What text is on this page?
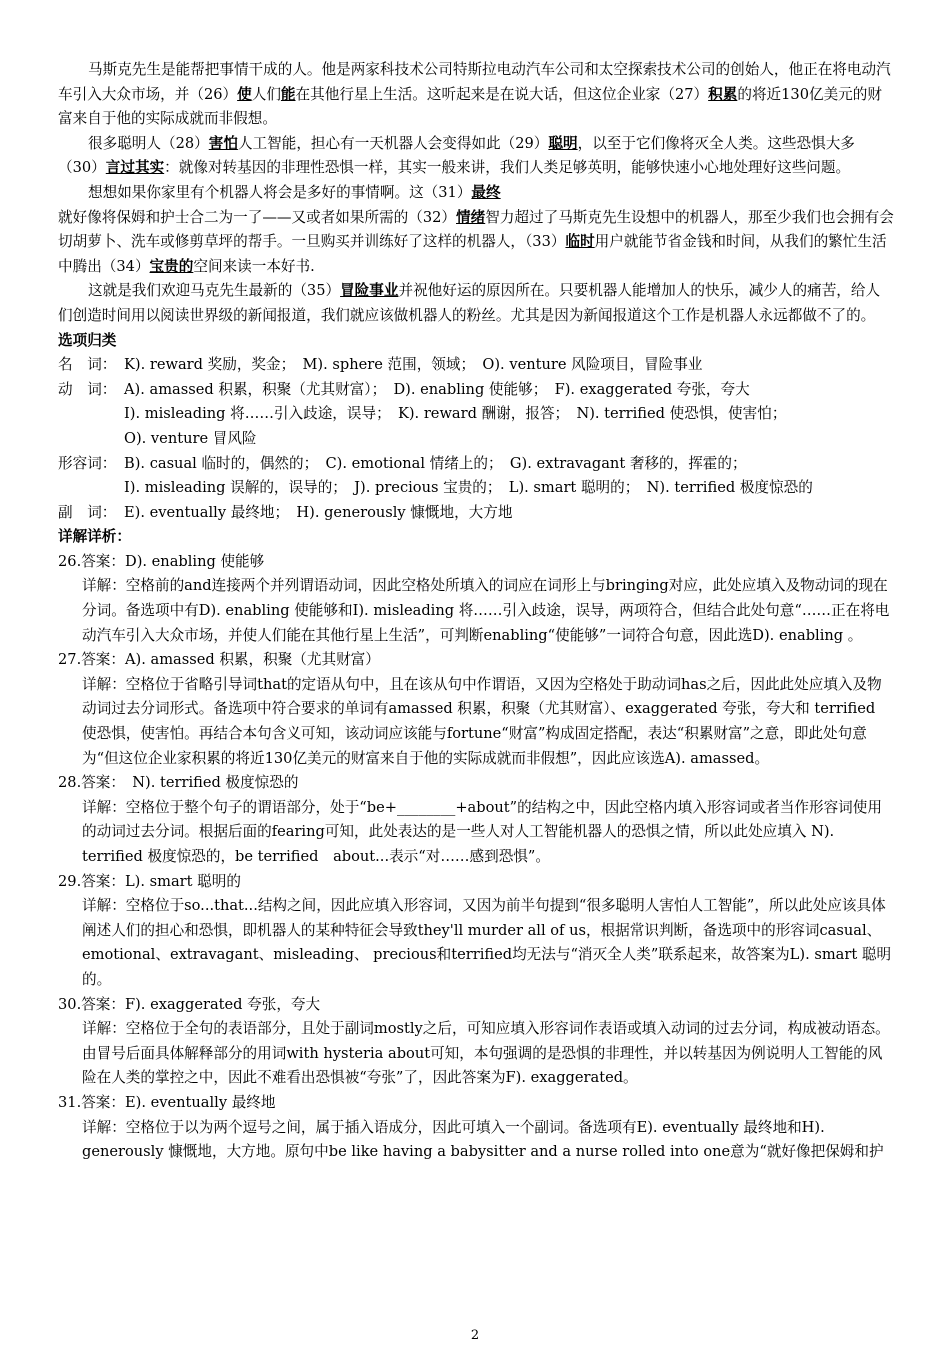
马斯克先生是能帮把事情干成的人。他是两家科技术公司特斯拉电动汽车公司和太空探索技术公司的创始人，他正在将电动汽车引入大众市场，并（26）使人们能在其他行星上生活。这听起来是在说大话，但这位企业家（27）积累的将近130亿美元的财富来自于他的实际成就而非假想。

很多聪明人（28）害怕人工智能，担心有一天机器人会变得如此（29）聪明，以至于它们像将灭全人类。这些恐惧大多（30）言过其实：就像对转基因的非理性恐惧一样，其实一般来讲，我们人类足够英明，能够快速小心地处理好这些问题。

想想如果你家里有个机器人将会是多好的事情啊。这（31）最终就好像将保姆和护士合二为一了——又或者如果所需的（32）情绪智力超过了马斯克先生设想中的机器人，那至少我们也会拥有会切胡萝卜、洗车或修剪草坪的帮手。一旦购买并训练好了这样的机器人，（33）临时用户就能节省金钱和时间，从我们的繁忙生活中腾出（34）宝贵的空间来读一本好书.

这就是我们欢迎马克先生最新的（35）冒险事业并祝他好运的原因所在。只要机器人能增加人的快乐，减少人的痛苦，给人们创造时间用以阅读世界级的新闻报道，我们就应该做机器人的粉丝。尤其是因为新闻报道这个工作是机器人永远都做不了的。

选项归类

名　词： K). reward 奖励，奖金；　M). sphere 范围，领域；　O). venture 风险项目，冒险事业
动　词： A). amassed 积累，积聚（尤其财富）；　D). enabling 使能够；　F). exaggerated 夸张，夸大

I). misleading 将……引入歧途，误导；　K). reward 酬谢，报答；　N). terrified 使恐惧，使害怕；

O). venture 冒风险

形容词： B). casual 临时的，偶然的；　C). emotional 情绪上的；　G). extravagant 奢移的，挥霍的；

I). misleading 误解的，误导的；　J). precious 宝贵的；　L). smart 聪明的；　N). terrified 极度惊恐的

副　词： E). eventually 最终地；　H). generously 慷慨地，大方地

详解详析：

26.答案：D). enabling 使能够

详解：空格前的and连接两个并列谓语动词，因此空格处所填入的词应在词形上与bringing对应，此处应填入及物动词的现在分词。备选项中有D). enabling 使能够和I). misleading 将……引入歧途，误导，两项符合，但结合此处句意“……正在将电动汽车引入大众市场，并使人们能在其他行星上生活”，可判断enabling“使能够”一词符合句意，因此选D). enabling 。

27.答案：A). amassed 积累，积聚（尤其财富）

详解：空格位于省略引导词that的定语从句中，且在该从句中作谓语，又因为空格处于助动词has之后，因此此处应填入及物动词过去分词形式。备选项中符合要求的单词有amassed 积累，积聚（尤其财富）、exaggerated 夸张，夸大和 terrified 使恐惧，使害怕。再结合本句含义可知，该动词应该能与fortune“财富”构成固定搭配，表达“积累财富”之意，即此处句意为“但这位企业家积累的将近130亿美元的财富来自于他的实际成就而非假想”，因此应该选A). amassed。

28.答案：　N). terrified 极度惊恐的

详解：空格位于整个句子的谓语部分，处于“be+________+about”的结构之中，因此空格内填入形容词或者当作形容词使用的动词过去分词。根据后面的fearing可知，此处表达的是一些人对人工智能机器人的恐惧之情，所以此处应填入 N). terrified 极度惊恐的，be terrified　about...表示“对……感到恐惧”。

29.答案：L). smart 聪明的

详解：空格位于so...that...结构之间，因此应填入形容词，又因为前半句提到“很多聪明人害怕人工智能”，所以此处应该具体阐述人们的担心和恐惧，即机器人的某种特征会导致they'll murder all of us，根据常识判断，备选项中的形容词casual、emotional、extravagant、misleading、 precious和terrified均无法与“消灭全人类”联系起来，故答案为L). smart 聪明的。

30.答案：F). exaggerated 夸张，夸大

详解：空格位于全句的表语部分，且处于副词mostly之后，可知应填入形容词作表语或填入动词的过去分词，构成被动语态。由冒号后面具体解释部分的用词with hysteria about可知，本句强调的是恐惧的非理性，并以转基因为例说明人工智能的风险在人类的掌控之中，因此不难看出恐惧被“夸张”了，因此答案为F). exaggerated。

31.答案：E). eventually 最终地

详解：空格位于以为两个逗号之间，属于插入语成分，因此可填入一个副词。备选项有E). eventually 最终地和H). generously 慷慨地，大方地。原句中be like having a babysitter and a nurse rolled into one意为“就好像把保姆和护

2
